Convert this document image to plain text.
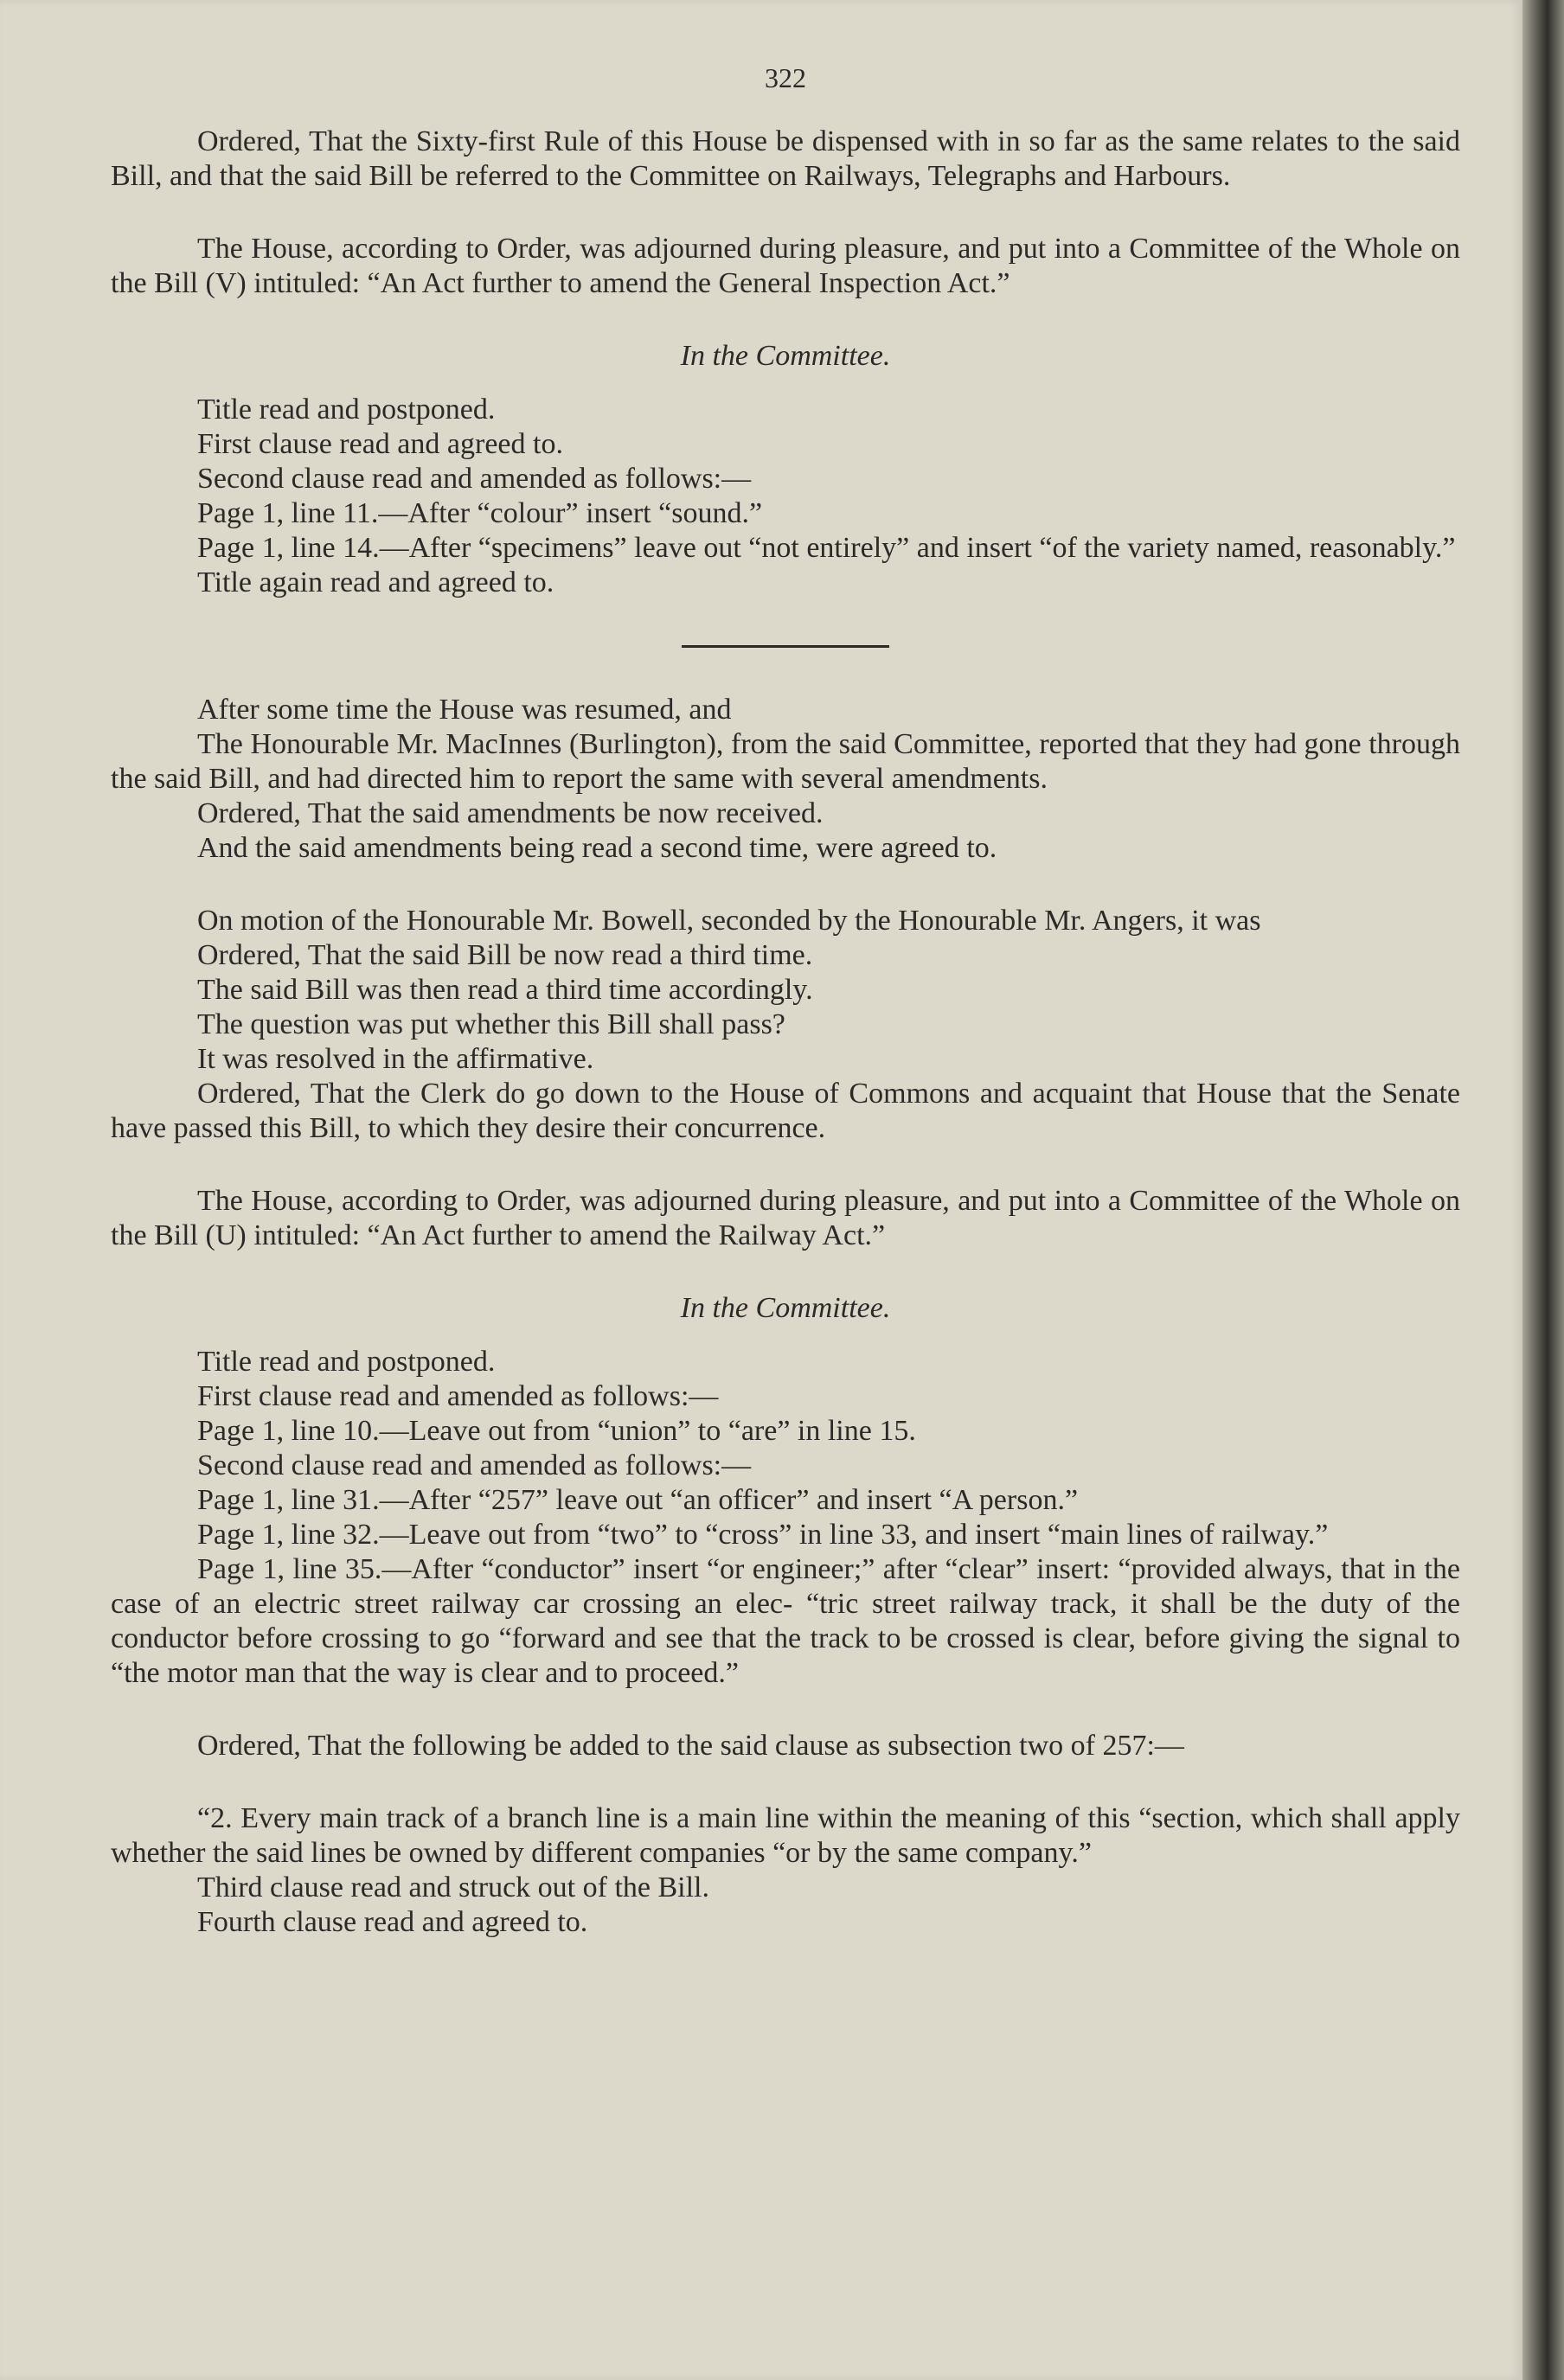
322

Ordered, That the Sixty-first Rule of this House be dispensed with in so far as the same relates to the said Bill, and that the said Bill be referred to the Committee on Railways, Telegraphs and Harbours.

The House, according to Order, was adjourned during pleasure, and put into a Committee of the Whole on the Bill (V) intituled: “An Act further to amend the General Inspection Act.”

In the Committee.

Title read and postponed.

First clause read and agreed to.

Second clause read and amended as follows:—

Page 1, line 11.—After “colour” insert “sound.”

Page 1, line 14.—After “specimens” leave out “not entirely” and insert “of the variety named, reasonably.”

Title again read and agreed to.

After some time the House was resumed, and

The Honourable Mr. MacInnes (Burlington), from the said Committee, reported that they had gone through the said Bill, and had directed him to report the same with several amendments.

Ordered, That the said amendments be now received.

And the said amendments being read a second time, were agreed to.

On motion of the Honourable Mr. Bowell, seconded by the Honourable Mr. Angers, it was

Ordered, That the said Bill be now read a third time.

The said Bill was then read a third time accordingly.

The question was put whether this Bill shall pass?

It was resolved in the affirmative.

Ordered, That the Clerk do go down to the House of Commons and acquaint that House that the Senate have passed this Bill, to which they desire their concurrence.

The House, according to Order, was adjourned during pleasure, and put into a Committee of the Whole on the Bill (U) intituled: “An Act further to amend the Railway Act.”

In the Committee.

Title read and postponed.

First clause read and amended as follows:—

Page 1, line 10.—Leave out from “union” to “are” in line 15.

Second clause read and amended as follows:—

Page 1, line 31.—After “257” leave out “an officer” and insert “A person.”

Page 1, line 32.—Leave out from “two” to “cross” in line 33, and insert “main lines of railway.”

Page 1, line 35.—After “conductor” insert “or engineer;” after “clear” insert: “provided always, that in the case of an electric street railway car crossing an elec- “tric street railway track, it shall be the duty of the conductor before crossing to go “forward and see that the track to be crossed is clear, before giving the signal to “the motor man that the way is clear and to proceed.”

Ordered, That the following be added to the said clause as subsection two of 257:—

“2. Every main track of a branch line is a main line within the meaning of this “section, which shall apply whether the said lines be owned by different companies “or by the same company.”

Third clause read and struck out of the Bill.

Fourth clause read and agreed to.
